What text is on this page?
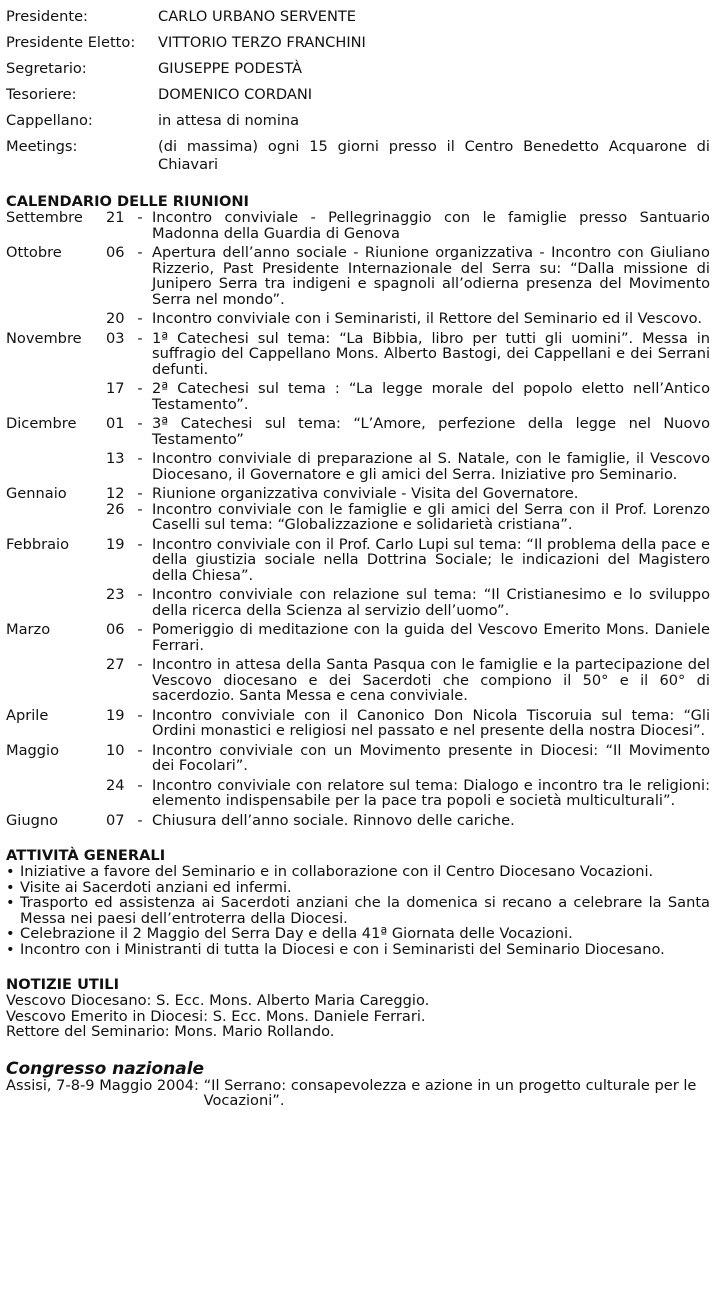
Presidente:	CARLO URBANO SERVENTE
Presidente Eletto:	VITTORIO TERZO FRANCHINI
Segretario:	GIUSEPPE PODESTÀ
Tesoriere:	DOMENICO CORDANI
Cappellano:	in attesa di nomina
Meetings:	(di massima) ogni 15 giorni presso il Centro Benedetto Acquarone di Chiavari
CALENDARIO DELLE RIUNIONI
Settembre	21 - Incontro conviviale - Pellegrinaggio con le famiglie presso Santuario Madonna della Guardia di Genova
Ottobre	06 - Apertura dell’anno sociale - Riunione organizzativa - Incontro con Giuliano Rizzerio, Past Presidente Internazionale del Serra su: “Dalla missione di Junipero Serra tra indigeni e spagnoli all’odierna presenza del Movimento Serra nel mondo”.
20 - Incontro conviviale con i Seminaristi, il Rettore del Seminario ed il Vescovo.
Novembre	03 - 1ª Catechesi sul tema: “La Bibbia, libro per tutti gli uomini”. Messa in suffragio del Cappellano Mons. Alberto Bastogi, dei Cappellani e dei Serrani defunti.
17 - 2ª Catechesi sul tema : “La legge morale del popolo eletto nell’Antico Testamento”.
Dicembre	01 - 3ª Catechesi sul tema: “L’Amore, perfezione della legge nel Nuovo Testamento”
13 - Incontro conviviale di preparazione al S. Natale, con le famiglie, il Vescovo Diocesano, il Governatore e gli amici del Serra. Iniziative pro Seminario.
Gennaio	12 - Riunione organizzativa conviviale - Visita del Governatore.
26 - Incontro conviviale con le famiglie e gli amici del Serra con il Prof. Lorenzo Caselli sul tema: “Globalizzazione e solidarietà cristiana”.
Febbraio	19 - Incontro conviviale con il Prof. Carlo Lupi sul tema: “Il problema della pace e della giustizia sociale nella Dottrina Sociale; le indicazioni del Magistero della Chiesa”.
23 - Incontro conviviale con relazione sul tema: “Il Cristianesimo e lo sviluppo della ricerca della Scienza al servizio dell’uomo”.
Marzo	06 - Pomeriggio di meditazione con la guida del Vescovo Emerito Mons. Daniele Ferrari.
27 - Incontro in attesa della Santa Pasqua con le famiglie e la partecipazione del Vescovo diocesano e dei Sacerdoti che compiono il 50° e il 60° di sacerdozio. Santa Messa e cena conviviale.
Aprile	19 - Incontro conviviale con il Canonico Don Nicola Tiscoruia sul tema: “Gli Ordini monastici e religiosi nel passato e nel presente della nostra Diocesi”.
Maggio	10 - Incontro conviviale con un Movimento presente in Diocesi: “Il Movimento dei Focolari”.
24 - Incontro conviviale con relatore sul tema: Dialogo e incontro tra le religioni: elemento indispensabile per la pace tra popoli e società multiculturali”.
Giugno	07 - Chiusura dell’anno sociale. Rinnovo delle cariche.
ATTIVITÀ GENERALI
• Iniziative a favore del Seminario e in collaborazione con il Centro Diocesano Vocazioni.
• Visite ai Sacerdoti anziani ed infermi.
• Trasporto ed assistenza ai Sacerdoti anziani che la domenica si recano a celebrare la Santa Messa nei paesi dell’entroterra della Diocesi.
• Celebrazione il 2 Maggio del Serra Day e della 41ª Giornata delle Vocazioni.
• Incontro con i Ministranti di tutta la Diocesi e con i Seminaristi del Seminario Diocesano.
NOTIZIE UTILI
Vescovo Diocesano: S. Ecc. Mons. Alberto Maria Careggio.
Vescovo Emerito in Diocesi: S. Ecc. Mons. Daniele Ferrari.
Rettore del Seminario: Mons. Mario Rollando.
Congresso nazionale
Assisi, 7-8-9 Maggio 2004: “Il Serrano: consapevolezza e azione in un progetto culturale per le Vocazioni”.
